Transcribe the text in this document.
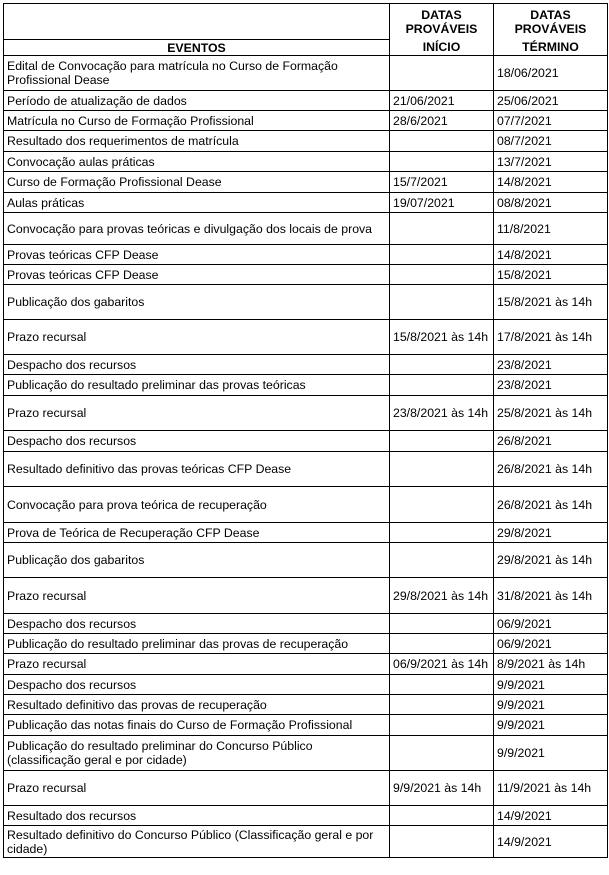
	DATAS PROVÁVEIS	DATAS PROVÁVEIS
EVENTOS	INÍCIO	TÉRMINO
Edital de Convocação para matrícula no Curso de Formação Profissional Dease		18/06/2021
Período de atualização de dados	21/06/2021	25/06/2021
Matrícula no Curso de Formação Profissional	28/6/2021	07/7/2021
Resultado dos requerimentos de matrícula		08/7/2021
Convocação aulas práticas		13/7/2021
Curso de Formação Profissional Dease	15/7/2021	14/8/2021
Aulas práticas	19/07/2021	08/8/2021
Convocação para provas teóricas e divulgação dos locais de prova		11/8/2021
Provas teóricas CFP Dease		14/8/2021
Provas teóricas CFP Dease		15/8/2021
Publicação dos gabaritos		15/8/2021 às 14h
Prazo recursal	15/8/2021 às 14h	17/8/2021 às 14h
Despacho dos recursos		23/8/2021
Publicação do resultado preliminar das provas teóricas		23/8/2021
Prazo recursal	23/8/2021 às 14h	25/8/2021 às 14h
Despacho dos recursos		26/8/2021
Resultado definitivo das provas teóricas CFP Dease		26/8/2021 às 14h
Convocação para prova teórica de recuperação		26/8/2021 às 14h
Prova de Teórica de Recuperação CFP Dease		29/8/2021
Publicação dos gabaritos		29/8/2021 às 14h
Prazo recursal	29/8/2021 às 14h	31/8/2021 às 14h
Despacho dos recursos		06/9/2021
Publicação do resultado preliminar das provas de recuperação		06/9/2021
Prazo recursal	06/9/2021 às 14h	8/9/2021 às 14h
Despacho dos recursos		9/9/2021
Resultado definitivo das provas de recuperação		9/9/2021
Publicação das notas finais do Curso de Formação Profissional		9/9/2021
Publicação do resultado preliminar do Concurso Público (classificação geral e por cidade)		9/9/2021
Prazo recursal	9/9/2021 às 14h	11/9/2021 às 14h
Resultado dos recursos		14/9/2021
Resultado definitivo do Concurso Público (Classificação geral e por cidade)		14/9/2021
